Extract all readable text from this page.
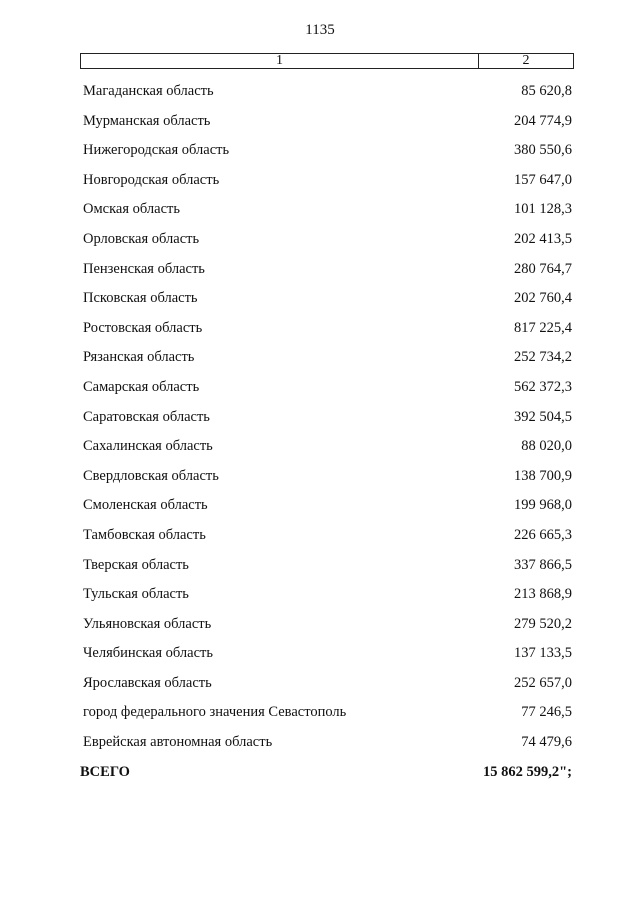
1135
1	2
Магаданская область	85 620,8
Мурманская область	204 774,9
Нижегородская область	380 550,6
Новгородская область	157 647,0
Омская область	101 128,3
Орловская область	202 413,5
Пензенская область	280 764,7
Псковская область	202 760,4
Ростовская область	817 225,4
Рязанская область	252 734,2
Самарская область	562 372,3
Саратовская область	392 504,5
Сахалинская область	88 020,0
Свердловская область	138 700,9
Смоленская область	199 968,0
Тамбовская область	226 665,3
Тверская область	337 866,5
Тульская область	213 868,9
Ульяновская область	279 520,2
Челябинская область	137 133,5
Ярославская область	252 657,0
город федерального значения Севастополь	77 246,5
Еврейская автономная область	74 479,6
ВСЕГО	15 862 599,2";
